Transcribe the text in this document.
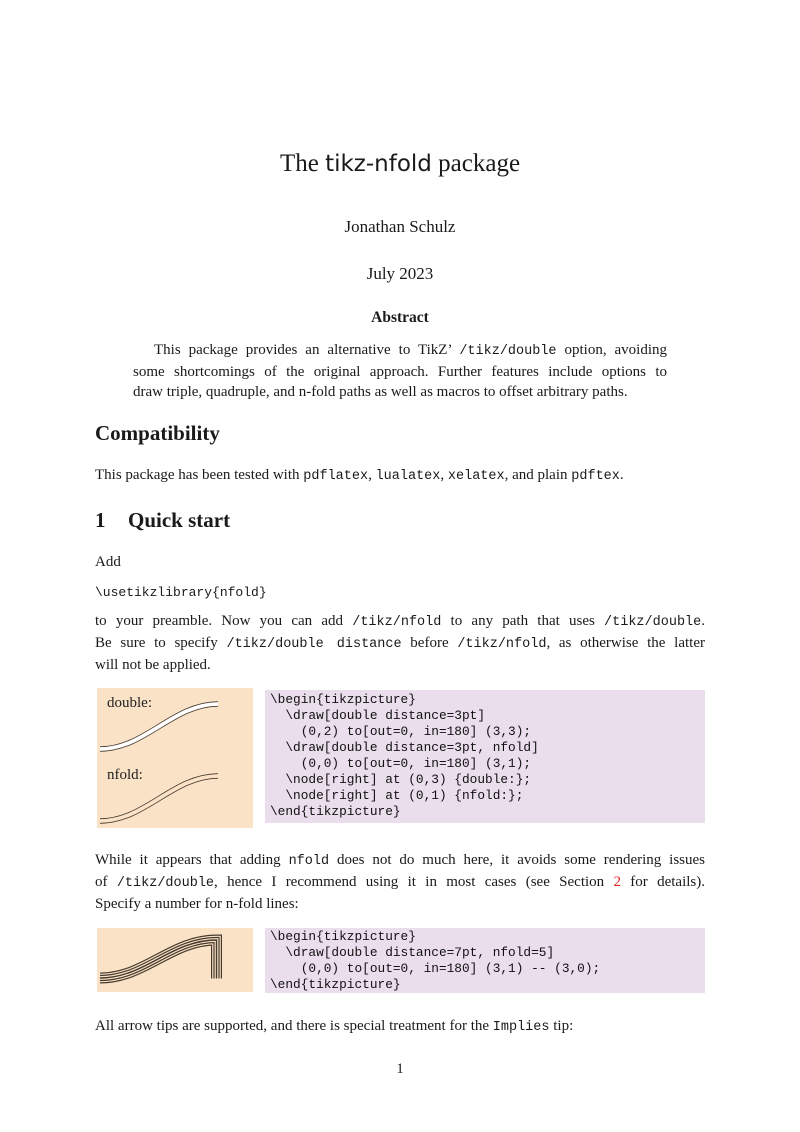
The tikz-nfold package
Jonathan Schulz
July 2023
Abstract
This package provides an alternative to TikZ’ /tikz/double option, avoiding
some shortcomings of the original approach. Further features include options to
draw triple, quadruple, and n-fold paths as well as macros to offset arbitrary paths.
Compatibility
This package has been tested with pdflatex, lualatex, xelatex, and plain pdftex.
1 Quick start
Add
\usetikzlibrary{nfold}
to your preamble. Now you can add /tikz/nfold to any path that uses /tikz/double.
Be sure to specify /tikz/double distance before /tikz/nfold, as otherwise the latter
will not be applied.
double:
nfold:
\begin{tikzpicture}
\draw[double distance=3pt]
(0,2) to[out=0, in=180] (3,3);
\draw[double distance=3pt, nfold]
(0,0) to[out=0, in=180] (3,1);
\node[right] at (0,3) {double:};
\node[right] at (0,1) {nfold:};
\end{tikzpicture}
While it appears that adding nfold does not do much here, it avoids some rendering issues
of /tikz/double, hence I recommend using it in most cases (see Section 2 for details).
Specify a number for n-fold lines:
\begin{tikzpicture}
\draw[double distance=7pt, nfold=5]
(0,0) to[out=0, in=180] (3,1) -- (3,0);
\end{tikzpicture}
All arrow tips are supported, and there is special treatment for the Implies tip:
1
